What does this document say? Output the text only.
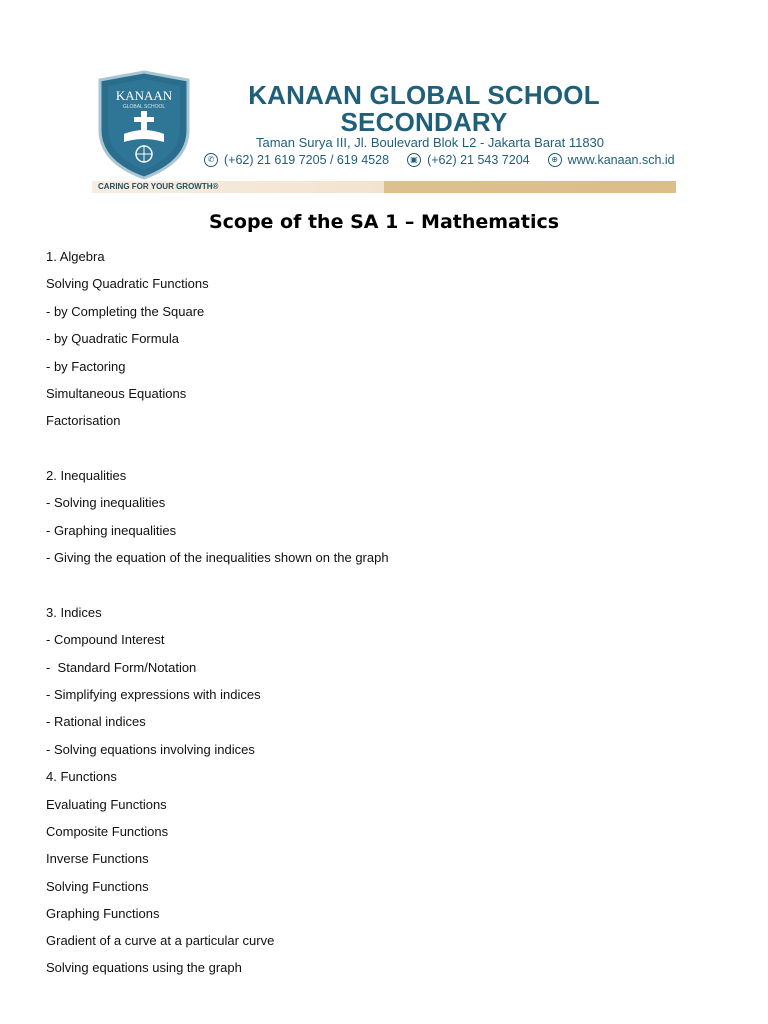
KANAAN
GLOBAL SCHOOL	KANAAN GLOBAL SCHOOL
SECONDARY
Taman Surya III, Jl. Boulevard Blok L2 - Jakarta Barat 11830
✆ (+62) 21 619 7205 / 619 4528	▣ (+62) 21 543 7204	⊕ www.kanaan.sch.id
CARING FOR YOUR GROWTH®
Scope of the SA 1 – Mathematics
1. Algebra
Solving Quadratic Functions
- by Completing the Square
- by Quadratic Formula
- by Factoring
Simultaneous Equations
Factorisation
2. Inequalities
- Solving inequalities
- Graphing inequalities
- Giving the equation of the inequalities shown on the graph
3. Indices
- Compound Interest
-  Standard Form/Notation
- Simplifying expressions with indices
- Rational indices
- Solving equations involving indices
4. Functions
Evaluating Functions
Composite Functions
Inverse Functions
Solving Functions
Graphing Functions
Gradient of a curve at a particular curve
Solving equations using the graph
